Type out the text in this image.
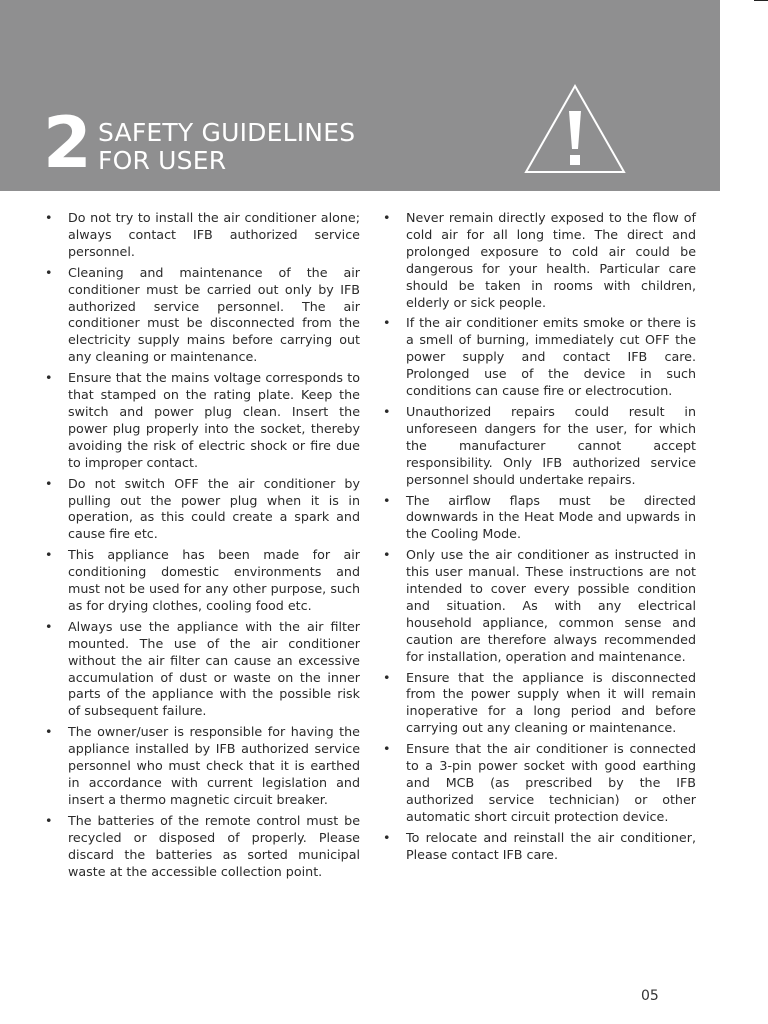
2 SAFETY GUIDELINES
FOR USER
• Do not try to install the air conditioner alone; always contact IFB authorized service personnel.
• Cleaning and maintenance of the air conditioner must be carried out only by IFB authorized service personnel. The air conditioner must be disconnected from the electricity supply mains before carrying out any cleaning or maintenance.
• Ensure that the mains voltage corresponds to that stamped on the rating plate. Keep the switch and power plug clean. Insert the power plug properly into the socket, thereby avoiding the risk of electric shock or fire due to improper contact.
• Do not switch OFF the air conditioner by pulling out the power plug when it is in operation, as this could create a spark and cause fire etc.
• This appliance has been made for air conditioning domestic environments and must not be used for any other purpose, such as for drying clothes, cooling food etc.
• Always use the appliance with the air filter mounted. The use of the air conditioner without the air filter can cause an excessive accumulation of dust or waste on the inner parts of the appliance with the possible risk of subsequent failure.
• The owner/user is responsible for having the appliance installed by IFB authorized service personnel who must check that it is earthed in accordance with current legislation and insert a thermo magnetic circuit breaker.
• The batteries of the remote control must be recycled or disposed of properly. Please discard the batteries as sorted municipal waste at the accessible collection point.
• Never remain directly exposed to the flow of cold air for all long time. The direct and prolonged exposure to cold air could be dangerous for your health. Particular care should be taken in rooms with children, elderly or sick people.
• If the air conditioner emits smoke or there is a smell of burning, immediately cut OFF the power supply and contact IFB care. Prolonged use of the device in such conditions can cause fire or electrocution.
• Unauthorized repairs could result in unforeseen dangers for the user, for which the manufacturer cannot accept responsibility. Only IFB authorized service personnel should undertake repairs.
• The airflow flaps must be directed downwards in the Heat Mode and upwards in the Cooling Mode.
• Only use the air conditioner as instructed in this user manual. These instructions are not intended to cover every possible condition and situation. As with any electrical household appliance, common sense and caution are therefore always recommended for installation, operation and maintenance.
• Ensure that the appliance is disconnected from the power supply when it will remain inoperative for a long period and before carrying out any cleaning or maintenance.
• Ensure that the air conditioner is connected to a 3-pin power socket with good earthing and MCB (as prescribed by the IFB authorized service technician) or other automatic short circuit protection device.
• To relocate and reinstall the air conditioner, Please contact IFB care.
05
